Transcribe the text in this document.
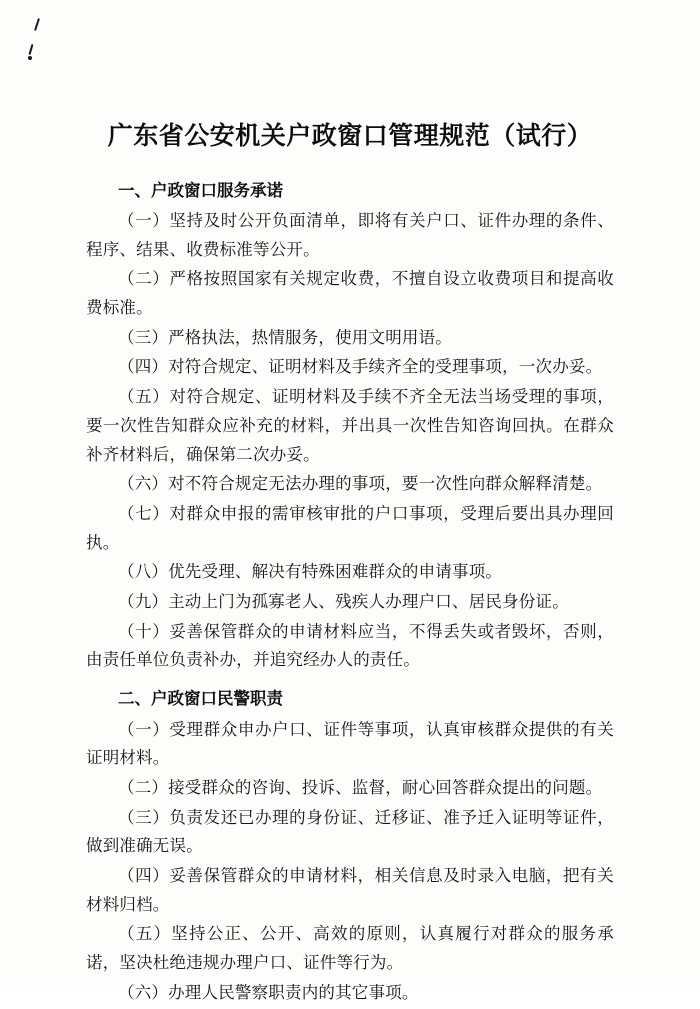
广东省公安机关户政窗口管理规范（试行）
一、户政窗口服务承诺

（一）坚持及时公开负面清单，即将有关户口、证件办理的条件、程序、结果、收费标准等公开。

（二）严格按照国家有关规定收费，不擅自设立收费项目和提高收费标准。

（三）严格执法，热情服务，使用文明用语。

（四）对符合规定、证明材料及手续齐全的受理事项，一次办妥。

（五）对符合规定、证明材料及手续不齐全无法当场受理的事项，要一次性告知群众应补充的材料，并出具一次性告知咨询回执。在群众补齐材料后，确保第二次办妥。

（六）对不符合规定无法办理的事项，要一次性向群众解释清楚。

（七）对群众申报的需审核审批的户口事项，受理后要出具办理回执。

（八）优先受理、解决有特殊困难群众的申请事项。

（九）主动上门为孤寡老人、残疾人办理户口、居民身份证。

（十）妥善保管群众的申请材料应当，不得丢失或者毁坏，否则，由责任单位负责补办，并追究经办人的责任。

二、户政窗口民警职责

（一）受理群众申办户口、证件等事项，认真审核群众提供的有关证明材料。

（二）接受群众的咨询、投诉、监督，耐心回答群众提出的问题。

（三）负责发还已办理的身份证、迁移证、准予迁入证明等证件，做到准确无误。

（四）妥善保管群众的申请材料，相关信息及时录入电脑，把有关材料归档。

（五）坚持公正、公开、高效的原则，认真履行对群众的服务承诺，坚决杜绝违规办理户口、证件等行为。

（六）办理人民警察职责内的其它事项。
